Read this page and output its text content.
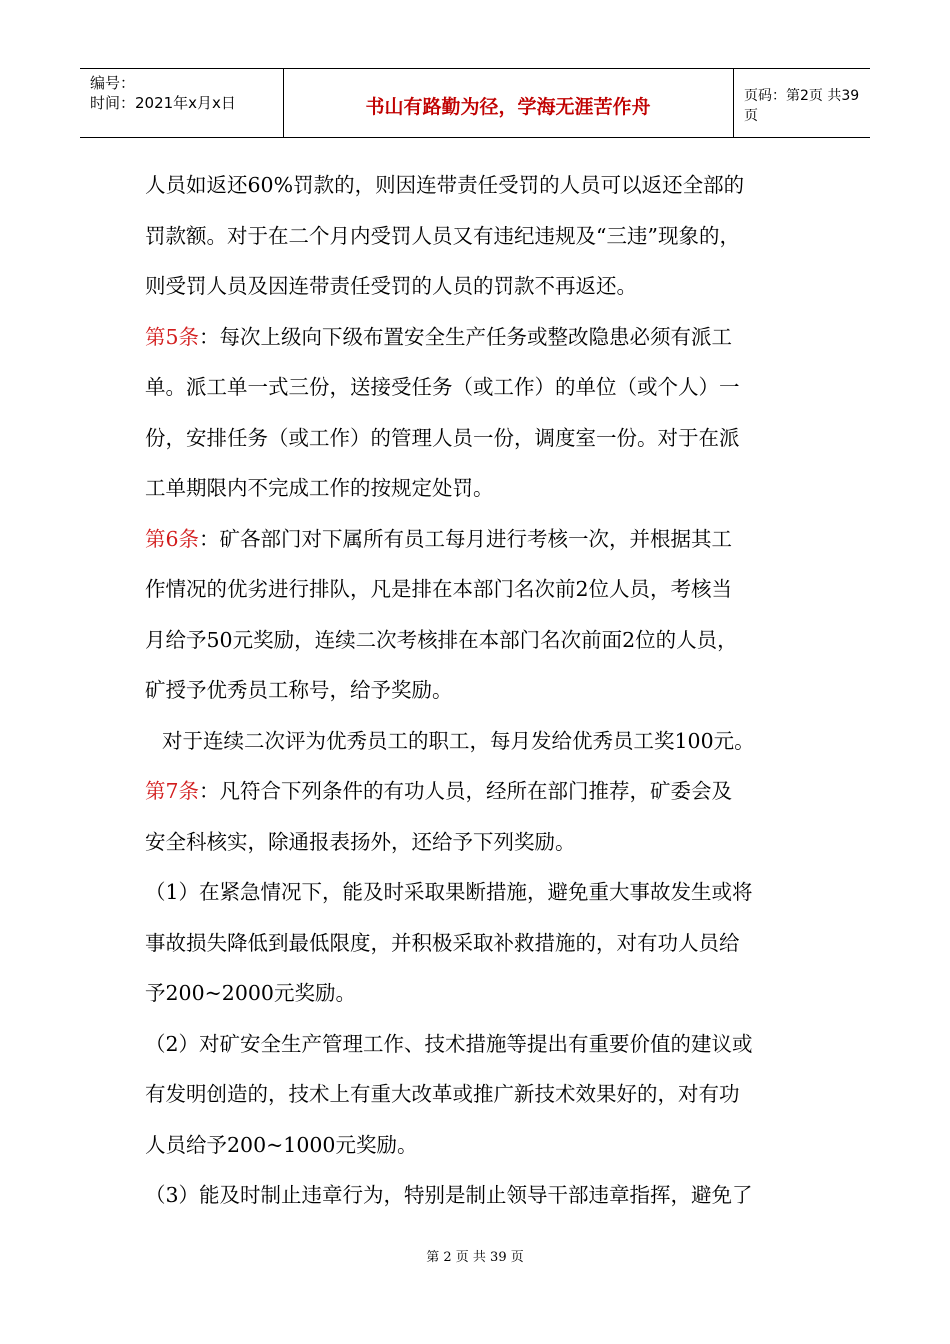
编号：
时间：2021年x月x日	书山有路勤为径，学海无涯苦作舟	页码：第2页 共39页
人员如返还60%罚款的，则因连带责任受罚的人员可以返还全部的
罚款额。对于在二个月内受罚人员又有违纪违规及“三违”现象的，
则受罚人员及因连带责任受罚的人员的罚款不再返还。
第5条：每次上级向下级布置安全生产任务或整改隐患必须有派工
单。派工单一式三份，送接受任务（或工作）的单位（或个人）一
份，安排任务（或工作）的管理人员一份，调度室一份。对于在派
工单期限内不完成工作的按规定处罚。
第6条：矿各部门对下属所有员工每月进行考核一次，并根据其工
作情况的优劣进行排队，凡是排在本部门名次前2位人员，考核当
月给予50元奖励，连续二次考核排在本部门名次前面2位的人员，
矿授予优秀员工称号，给予奖励。
对于连续二次评为优秀员工的职工，每月发给优秀员工奖100元。
第7条：凡符合下列条件的有功人员，经所在部门推荐，矿委会及
安全科核实，除通报表扬外，还给予下列奖励。
（1）在紧急情况下，能及时采取果断措施，避免重大事故发生或将
事故损失降低到最低限度，并积极采取补救措施的，对有功人员给
予200~2000元奖励。
（2）对矿安全生产管理工作、技术措施等提出有重要价值的建议或
有发明创造的，技术上有重大改革或推广新技术效果好的，对有功
人员给予200~1000元奖励。
（3）能及时制止违章行为，特别是制止领导干部违章指挥，避免了
第 2 页 共 39 页
